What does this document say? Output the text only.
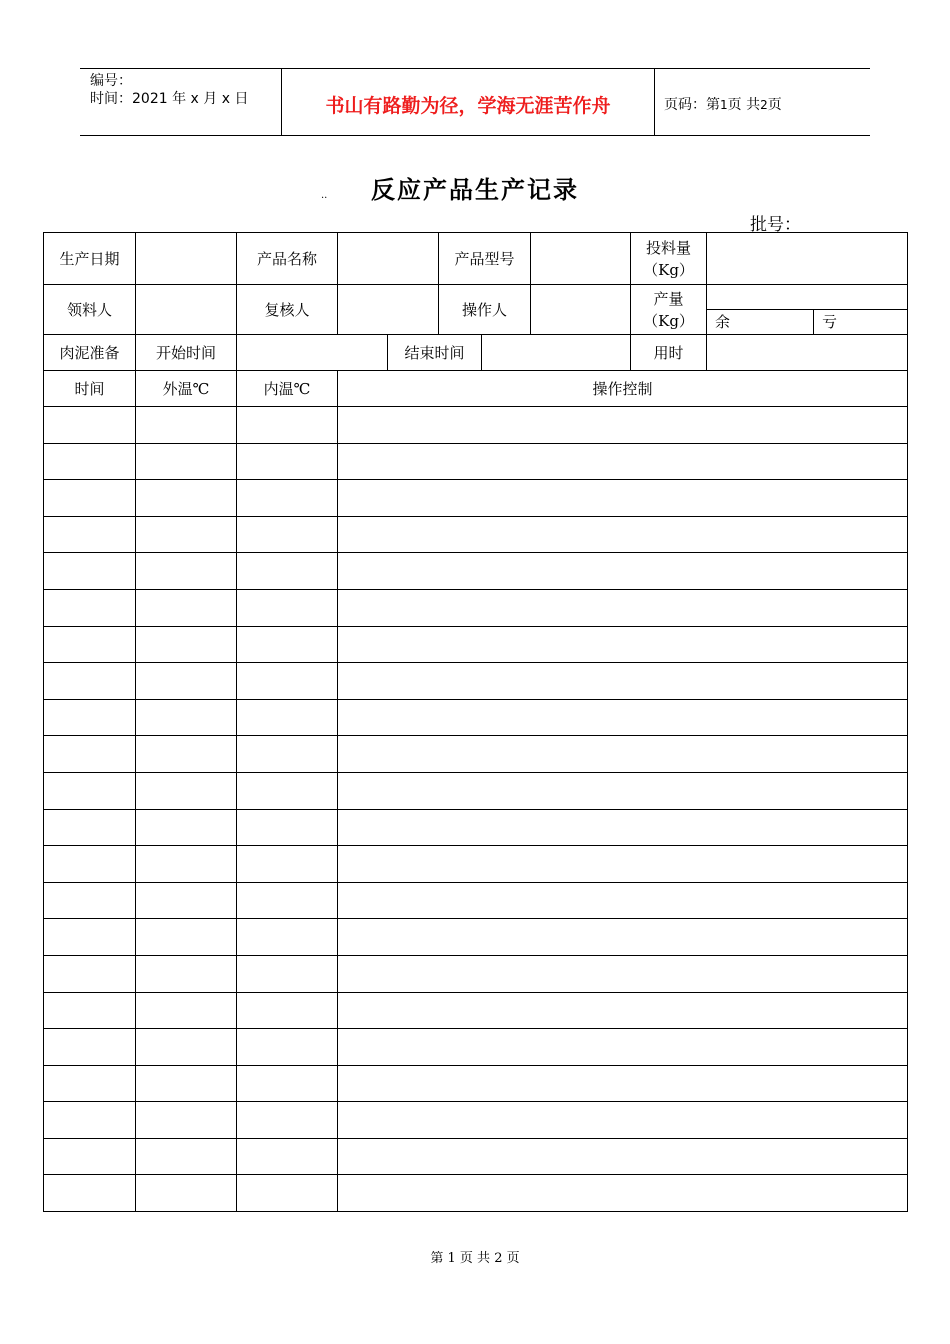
编号：
时间：2021 年 x 月 x 日	书山有路勤为径，学海无涯苦作舟	页码：第1页 共2页
..	反应产品生产记录
批号：
生产日期		产品名称			产品型号			投料量
（Kg）		

领料人		复核人			操作人			产量
（Kg）		

									余	亏
肉泥准备	开始时间			结束时间				用时		
时间	外温℃	内温℃	操作控制							

第 1 页 共 2 页
